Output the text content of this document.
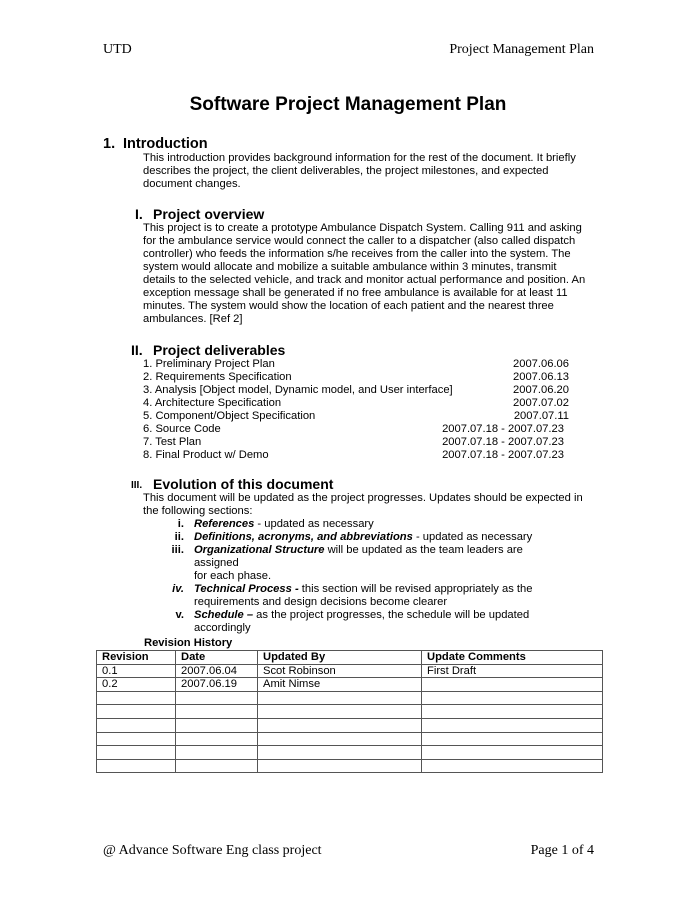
UTD	Project Management Plan
Software Project Management Plan
1. Introduction
This introduction provides background information for the rest of the document. It briefly
describes the project, the client deliverables, the project milestones, and expected
document changes.
I. Project overview
This project is to create a prototype Ambulance Dispatch System. Calling 911 and asking
for the ambulance service would connect the caller to a dispatcher (also called dispatch
controller) who feeds the information s/he receives from the caller into the system. The
system would allocate and mobilize a suitable ambulance within 3 minutes, transmit
details to the selected vehicle, and track and monitor actual performance and position. An
exception message shall be generated if no free ambulance is available for at least 11
minutes. The system would show the location of each patient and the nearest three
ambulances. [Ref 2]
II. Project deliverables
1. Preliminary Project Plan	2007.06.06
2. Requirements Specification	2007.06.13
3. Analysis [Object model, Dynamic model, and User interface]	2007.06.20
4. Architecture Specification	2007.07.02
5. Component/Object Specification	2007.07.11
6. Source Code	2007.07.18 - 2007.07.23
7. Test Plan	2007.07.18 - 2007.07.23
8. Final Product w/ Demo	2007.07.18 - 2007.07.23
III. Evolution of this document
This document will be updated as the project progresses. Updates should be expected in
the following sections:
i. References - updated as necessary
ii. Definitions, acronyms, and abbreviations - updated as necessary
iii. Organizational Structure will be updated as the team leaders are assigned
for each phase.
iv. Technical Process - this section will be revised appropriately as the
requirements and design decisions become clearer
v. Schedule – as the project progresses, the schedule will be updated
accordingly
Revision History
Revision	Date	Updated By	Update Comments
0.1	2007.06.04	Scot Robinson	First Draft
0.2	2007.06.19	Amit Nimse	

@ Advance Software Eng class project	Page 1 of 4
